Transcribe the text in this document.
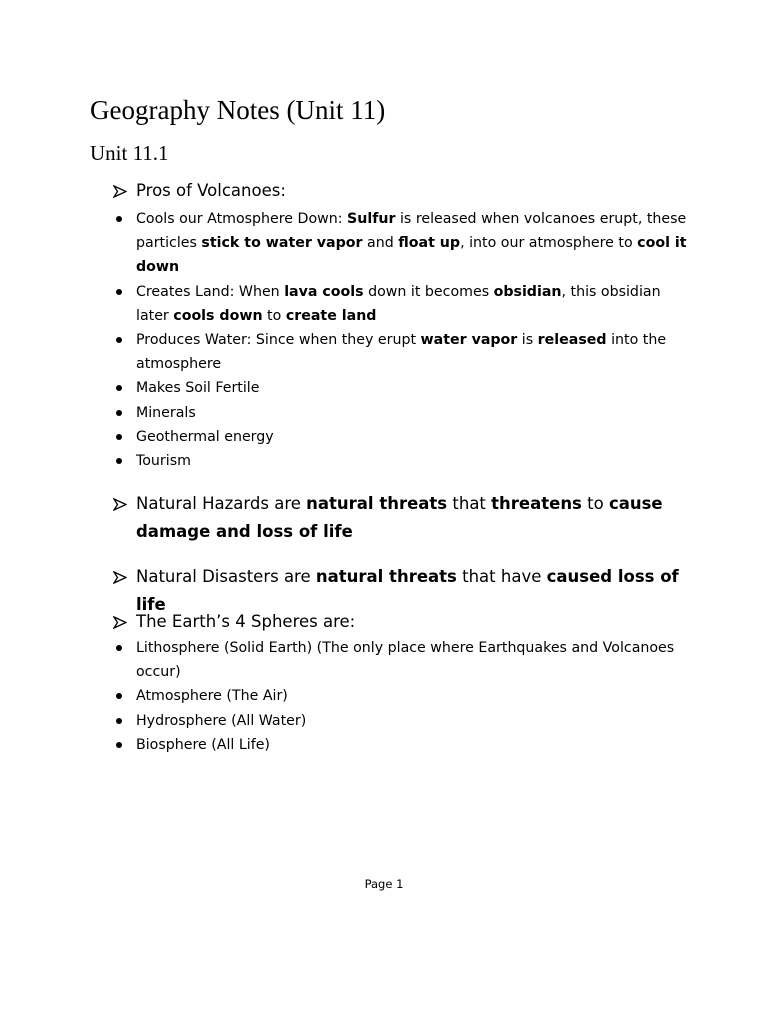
Geography Notes (Unit 11)
Unit 11.1

Pros of Volcanoes:

Cools our Atmosphere Down: Sulfur is released when volcanoes erupt, these particles stick to water vapor and float up, into our atmosphere to cool it down
Creates Land: When lava cools down it becomes obsidian, this obsidian later cools down to create land
Produces Water: Since when they erupt water vapor is released into the atmosphere
Makes Soil Fertile
Minerals
Geothermal energy
Tourism

Natural Hazards are natural threats that threatens to cause damage and loss of life

Natural Disasters are natural threats that have caused loss of life

The Earth’s 4 Spheres are:

Lithosphere (Solid Earth) (The only place where Earthquakes and Volcanoes occur)
Atmosphere (The Air)
Hydrosphere (All Water)
Biosphere (All Life)
Page 1
